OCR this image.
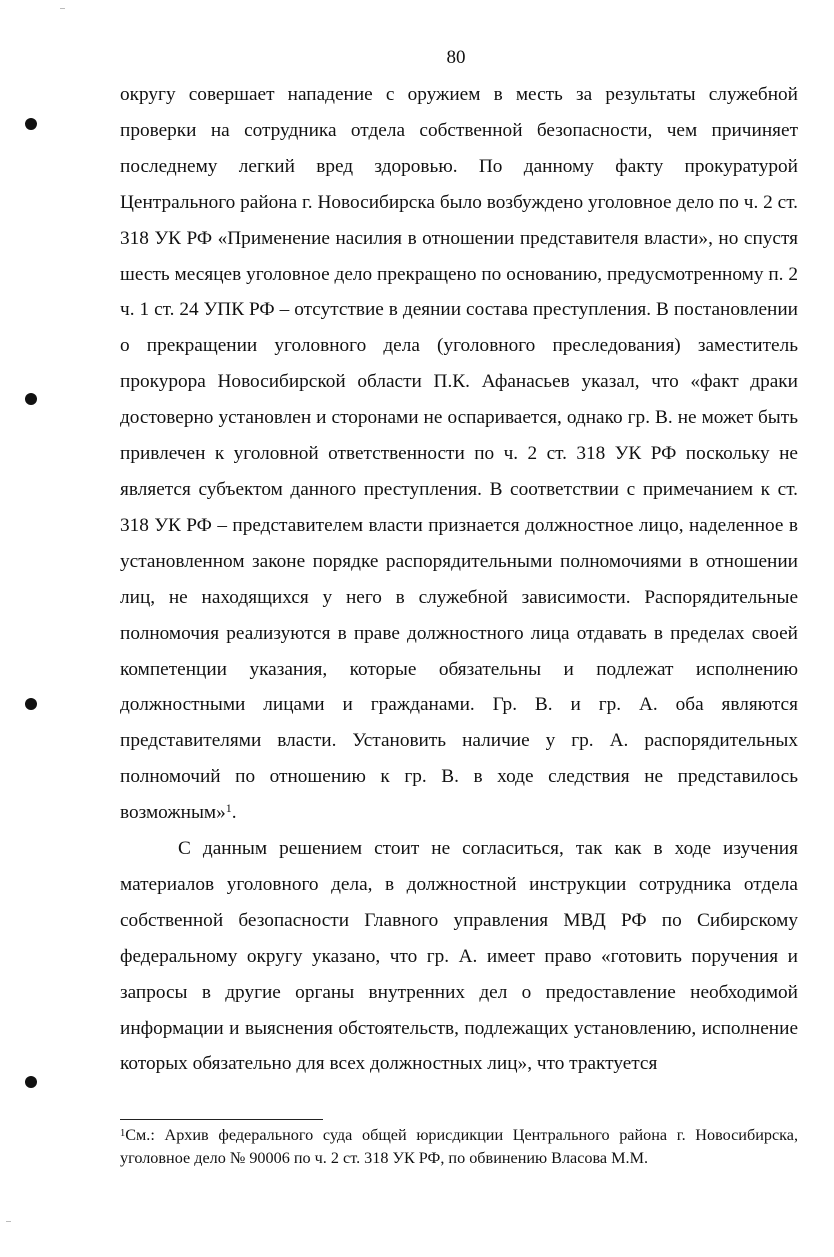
80

округу совершает нападение с оружием в месть за результаты служебной проверки на сотрудника отдела собственной безопасности, чем причиняет последнему легкий вред здоровью. По данному факту прокуратурой Центрального района г. Новосибирска было возбуждено уголовное дело по ч. 2 ст. 318 УК РФ «Применение насилия в отношении представителя власти», но спустя шесть месяцев уголовное дело прекращено по основанию, предусмотренному п. 2 ч. 1 ст. 24 УПК РФ – отсутствие в деянии состава преступления. В постановлении о прекращении уголовного дела (уголовного преследования) заместитель прокурора Новосибирской области П.К. Афанасьев указал, что «факт драки достоверно установлен и сторонами не оспаривается, однако гр. В. не может быть привлечен к уголовной ответственности по ч. 2 ст. 318 УК РФ поскольку не является субъектом данного преступления. В соответствии с примечанием к ст. 318 УК РФ – представителем власти признается должностное лицо, наделенное в установленном законе порядке распорядительными полномочиями в отношении лиц, не находящихся у него в служебной зависимости. Распорядительные полномочия реализуются в праве должностного лица отдавать в пределах своей компетенции указания, которые обязательны и подлежат исполнению должностными лицами и гражданами. Гр. В. и гр. А. оба являются представителями власти. Установить наличие у гр. А. распорядительных полномочий по отношению к гр. В. в ходе следствия не представилось возможным»$^1$.

С данным решением стоит не согласиться, так как в ходе изучения материалов уголовного дела, в должностной инструкции сотрудника отдела собственной безопасности Главного управления МВД РФ по Сибирскому федеральному округу указано, что гр. А. имеет право «готовить поручения и запросы в другие органы внутренних дел о предоставление необходимой информации и выяснения обстоятельств, подлежащих установлению, исполнение которых обязательно для всех должностных лиц», что трактуется

$^1$См.: Архив федерального суда общей юрисдикции Центрального района г. Новосибирска, уголовное дело № 90006 по ч. 2 ст. 318 УК РФ, по обвинению Власова М.М.
